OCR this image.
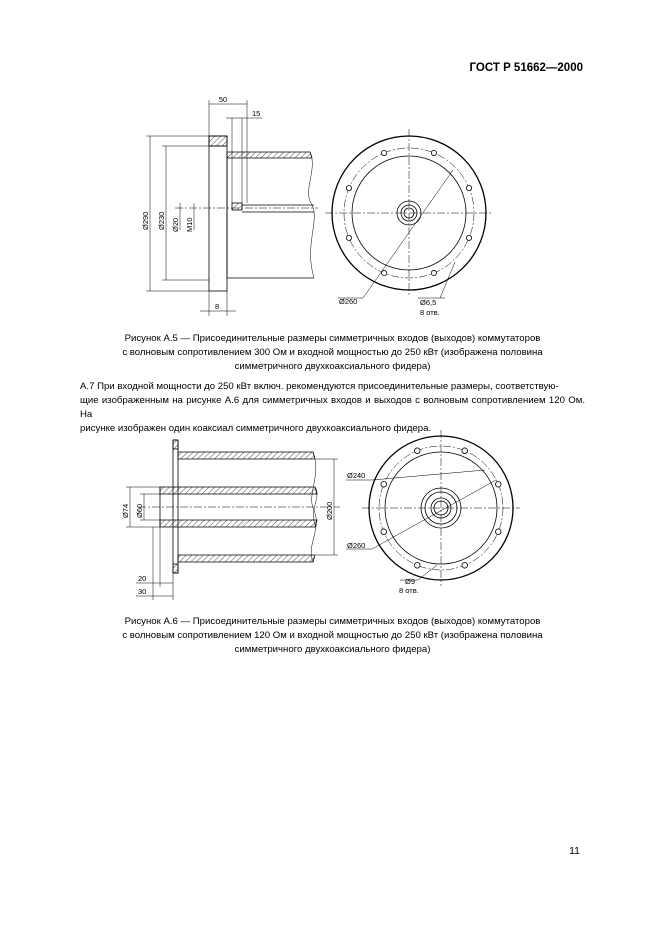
ГОСТ Р 51662—2000
50
15
8
Ø290 Ø230 Ø20 М10
Ø260	Ø6,5
8 отв.
Ø74 Ø60	Ø200
20
30
Ø240
Ø260
Ø9
8 отв.
Рисунок А.5 — Присоединительные размеры симметричных входов (выходов) коммутаторов
с волновым сопротивлением 300 Ом и входной мощностью до 250 кВт (изображена половина
симметричного двухкоаксиального фидера)
А.7 При входной мощности до 250 кВт включ. рекомендуются присоединительные размеры, соответствую-
щие изображенным на рисунке А.6 для симметричных входов и выходов с волновым сопротивлением 120 Ом. На
рисунке изображен один коаксиал симметричного двухкоаксиального фидера.
Рисунок А.6 — Присоединительные размеры симметричных входов (выходов) коммутаторов
с волновым сопротивлением 120 Ом и входной мощностью до 250 кВт (изображена половина
симметричного двухкоаксиального фидера)
11
